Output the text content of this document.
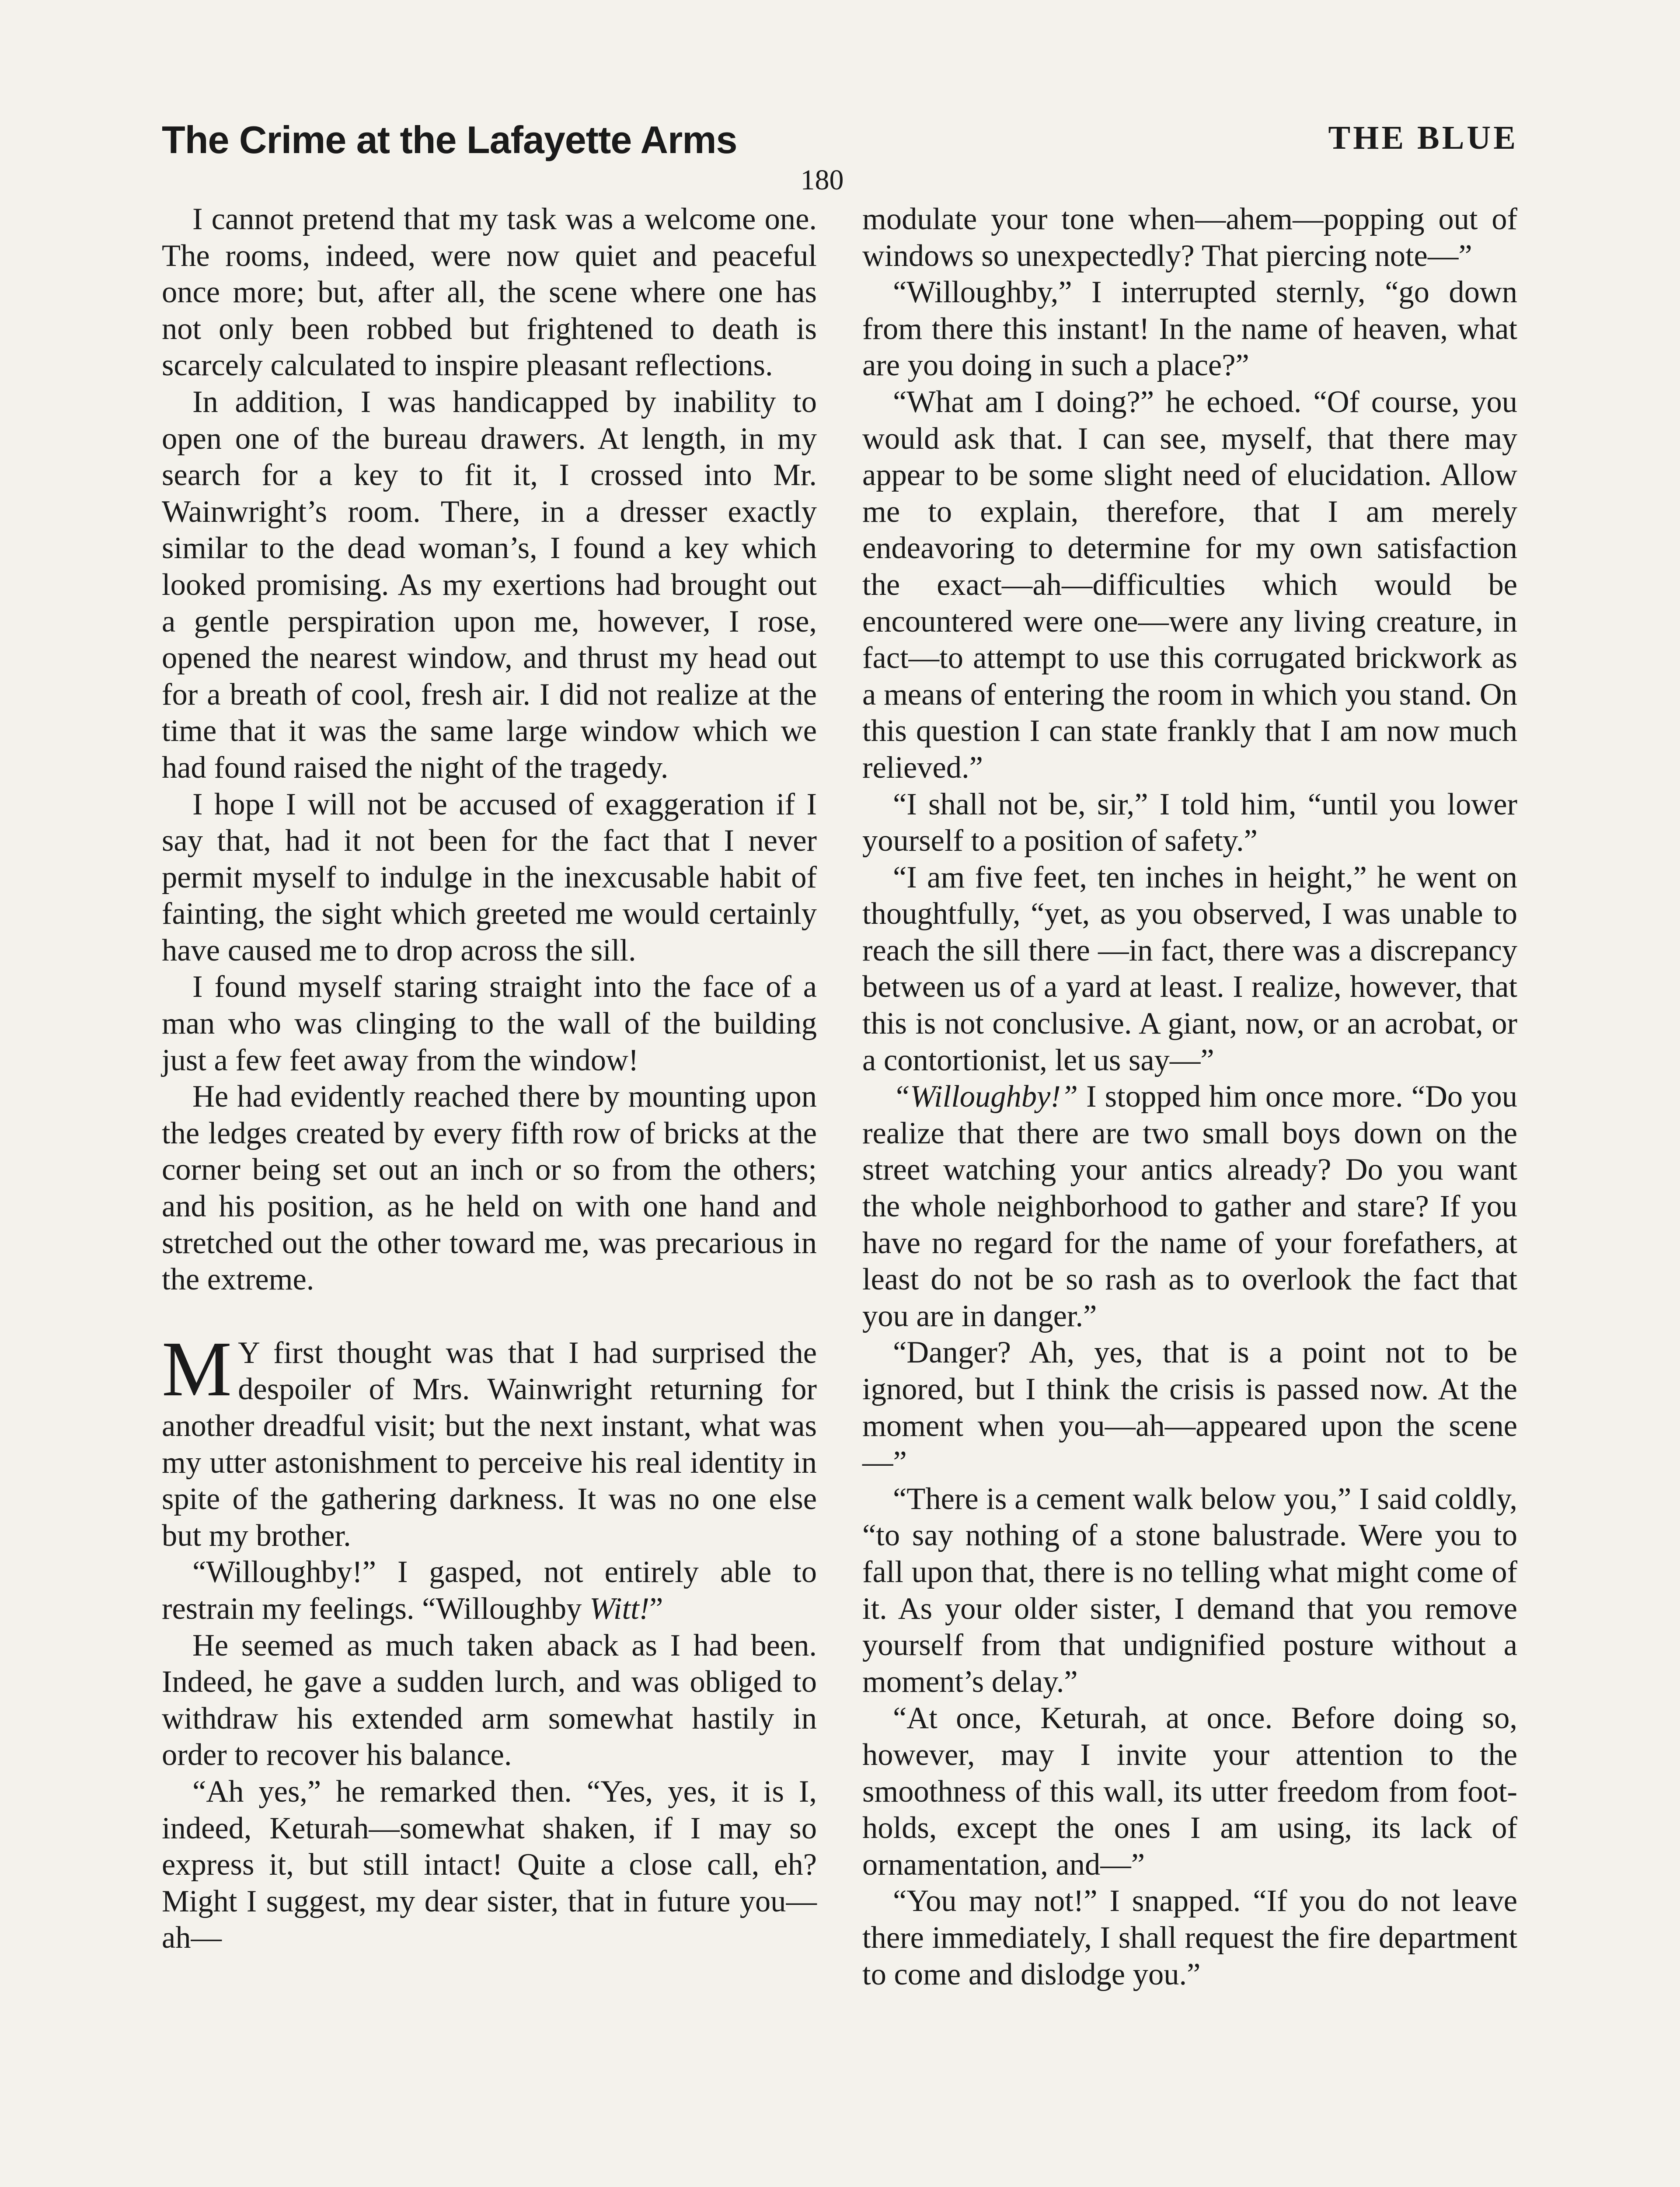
The Crime at the Lafayette Arms	THE BLUE
180

I cannot pretend that my task was a welcome one. The rooms, indeed, were now quiet and peaceful once more; but, after all, the scene where one has not only been robbed but frightened to death is scarcely calculated to inspire pleasant reflections.

In addition, I was handicapped by inability to open one of the bureau drawers. At length, in my search for a key to fit it, I crossed into Mr. Wainwright’s room. There, in a dresser exactly similar to the dead woman’s, I found a key which looked promising. As my exertions had brought out a gentle perspiration upon me, however, I rose, opened the nearest window, and thrust my head out for a breath of cool, fresh air. I did not realize at the time that it was the same large window which we had found raised the night of the tragedy.

I hope I will not be accused of exaggeration if I say that, had it not been for the fact that I never permit myself to indulge in the inexcusable habit of fainting, the sight which greeted me would certainly have caused me to drop across the sill.

I found myself staring straight into the face of a man who was clinging to the wall of the building just a few feet away from the window!

He had evidently reached there by mounting upon the ledges created by every fifth row of bricks at the corner being set out an inch or so from the others; and his position, as he held on with one hand and stretched out the other toward me, was precarious in the extreme.

M Y first thought was that I had surprised the despoiler of Mrs. Wainwright returning for another dreadful visit; but the next instant, what was my utter astonishment to perceive his real identity in spite of the gathering darkness. It was no one else but my brother.

“Willoughby!” I gasped, not entirely able to restrain my feelings. “Willoughby Witt!”

He seemed as much taken aback as I had been. Indeed, he gave a sudden lurch, and was obliged to withdraw his extended arm somewhat hastily in order to recover his balance.

“Ah yes,” he remarked then. “Yes, yes, it is I, indeed, Keturah—somewhat shaken, if I may so express it, but still intact! Quite a close call, eh? Might I suggest, my dear sister, that in future you—ah—

modulate your tone when—ahem—popping out of windows so unexpectedly? That piercing note—”

“Willoughby,” I interrupted sternly, “go down from there this instant! In the name of heaven, what are you doing in such a place?”

“What am I doing?” he echoed. “Of course, you would ask that. I can see, myself, that there may appear to be some slight need of elucidation. Allow me to explain, therefore, that I am merely endeavoring to determine for my own satisfaction the exact—ah—difficulties which would be encountered were one—were any living creature, in fact—to attempt to use this corrugated brickwork as a means of entering the room in which you stand. On this question I can state frankly that I am now much relieved.”

“I shall not be, sir,” I told him, “until you lower yourself to a position of safety.”

“I am five feet, ten inches in height,” he went on thoughtfully, “yet, as you observed, I was unable to reach the sill there —in fact, there was a discrepancy between us of a yard at least. I realize, however, that this is not conclusive. A giant, now, or an acrobat, or a contortionist, let us say—”

“Willoughby!” I stopped him once more. “Do you realize that there are two small boys down on the street watching your antics already? Do you want the whole neighborhood to gather and stare? If you have no regard for the name of your forefathers, at least do not be so rash as to overlook the fact that you are in danger.”

“Danger? Ah, yes, that is a point not to be ignored, but I think the crisis is passed now. At the moment when you—ah—appeared upon the scene—”

“There is a cement walk below you,” I said coldly, “to say nothing of a stone balustrade. Were you to fall upon that, there is no telling what might come of it. As your older sister, I demand that you remove yourself from that undignified posture without a moment’s delay.”

“At once, Keturah, at once. Before doing so, however, may I invite your attention to the smoothness of this wall, its utter freedom from foot-holds, except the ones I am using, its lack of ornamentation, and—”

“You may not!” I snapped. “If you do not leave there immediately, I shall request the fire department to come and dislodge you.”
